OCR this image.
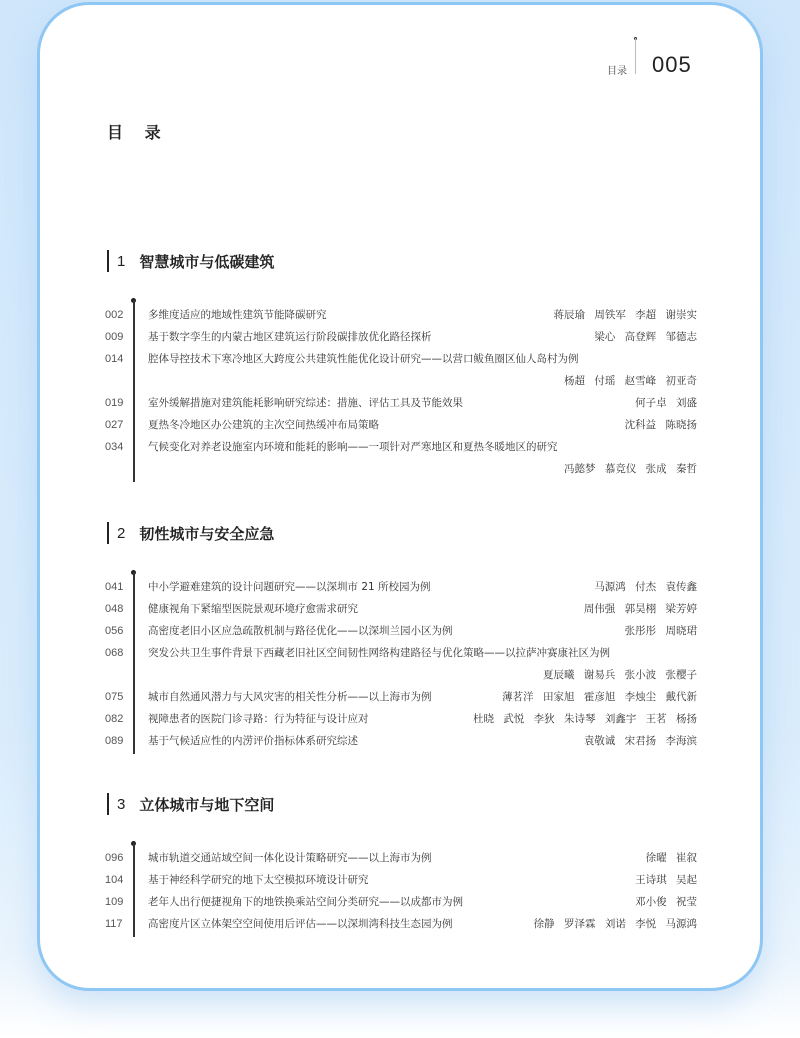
目录 005
目 录
1 智慧城市与低碳建筑
002	多维度适应的地域性建筑节能降碳研究	蒋辰瑜 周铁军 李超 谢崇实
009	基于数字孪生的内蒙古地区建筑运行阶段碳排放优化路径探析	梁心 高登辉 邹德志
014	腔体导控技术下寒冷地区大跨度公共建筑性能优化设计研究——以营口鲅鱼圈区仙人岛村为例
杨超 付瑶 赵雪峰 初亚奇
019	室外缓解措施对建筑能耗影响研究综述：措施、评估工具及节能效果	何子卓 刘盛
027	夏热冬冷地区办公建筑的主次空间热缓冲布局策略	沈科益 陈晓扬
034	气候变化对养老设施室内环境和能耗的影响——一项针对严寒地区和夏热冬暖地区的研究
冯懿梦 慕竞仪 张成 秦哲
2 韧性城市与安全应急
041	中小学避难建筑的设计问题研究——以深圳市 21 所校园为例	马源鸿 付杰 袁传鑫
048	健康视角下紧缩型医院景观环境疗愈需求研究	周伟强 郭昊栩 梁芳婷
056	高密度老旧小区应急疏散机制与路径优化——以深圳兰园小区为例	张彤彤 周晓珺
068	突发公共卫生事件背景下西藏老旧社区空间韧性网络构建路径与优化策略——以拉萨冲赛康社区为例
夏辰曦 谢易兵 张小波 张樱子
075	城市自然通风潜力与大风灾害的相关性分析——以上海市为例	薄茗洋 田家旭 霍彦旭 李烛尘 戴代新
082	视障患者的医院门诊寻路：行为特征与设计应对	杜晓 武悦 李狄 朱诗琴 刘鑫宇 王茗 杨扬
089	基于气候适应性的内涝评价指标体系研究综述	袁敬诚 宋君扬 李海滨
3 立体城市与地下空间
096	城市轨道交通站域空间一体化设计策略研究——以上海市为例	徐曜 崔叙
104	基于神经科学研究的地下太空模拟环境设计研究	王诗琪 吴起
109	老年人出行便捷视角下的地铁换乘站空间分类研究——以成都市为例	邓小俊 祝莹
117	高密度片区立体架空空间使用后评估——以深圳湾科技生态园为例	徐静 罗泽霖 刘诺 李悦 马源鸿
